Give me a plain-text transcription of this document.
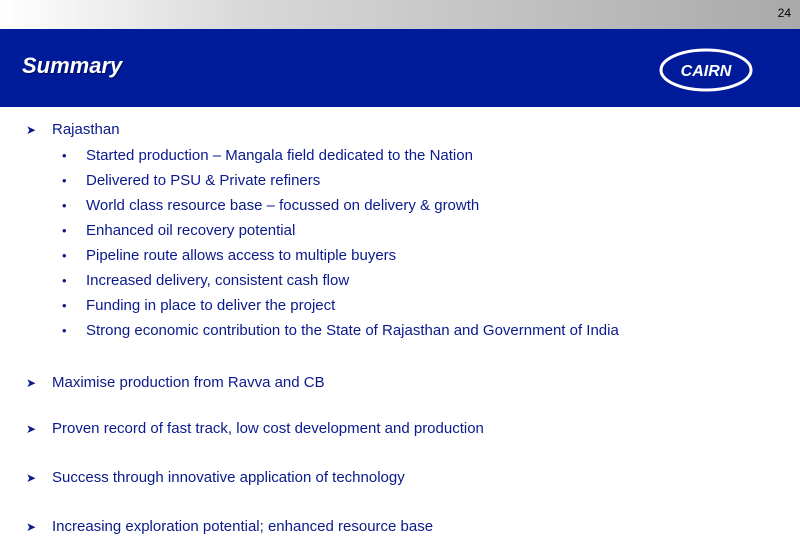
24
Summary	CAIRN
➤ Rajasthan
•	Started production – Mangala field dedicated to the Nation
•	Delivered to PSU & Private refiners
•	World class resource base – focussed on delivery & growth
•	Enhanced oil recovery potential
•	Pipeline route allows access to multiple buyers
•	Increased delivery, consistent cash flow
•	Funding in place to deliver the project
•	Strong economic contribution to the State of Rajasthan and Government of India
➤ Maximise production from Ravva and CB
➤ Proven record of fast track, low cost development and production
➤ Success through innovative application of technology
➤ Increasing exploration potential; enhanced resource base
